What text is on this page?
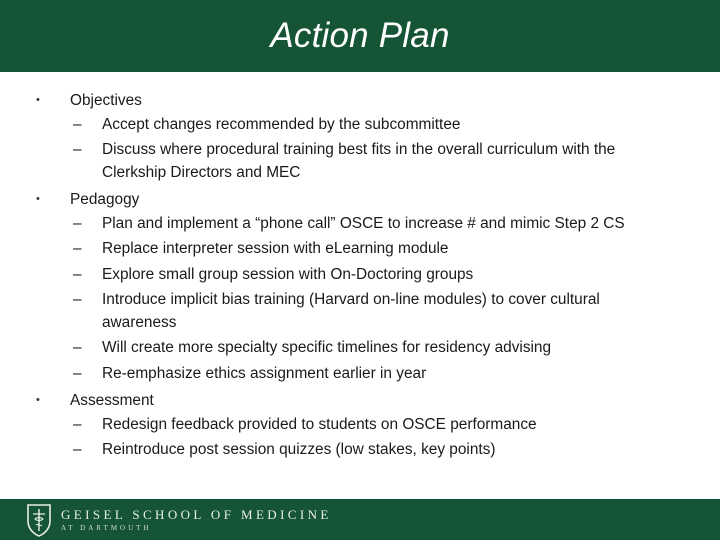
Action Plan
• Objectives
– Accept changes recommended by the subcommittee
– Discuss where procedural training best fits in the overall curriculum with the Clerkship Directors and MEC
• Pedagogy
– Plan and implement a “phone call” OSCE to increase # and mimic Step 2 CS
– Replace interpreter session with eLearning module
– Explore small group session with On-Doctoring groups
– Introduce implicit bias training (Harvard on-line modules) to cover cultural awareness
– Will create more specialty specific timelines for residency advising
– Re-emphasize ethics assignment earlier in year
• Assessment
– Redesign feedback provided to students on OSCE performance
– Reintroduce post session quizzes (low stakes, key points)
GEISEL SCHOOL OF MEDICINE
AT DARTMOUTH
